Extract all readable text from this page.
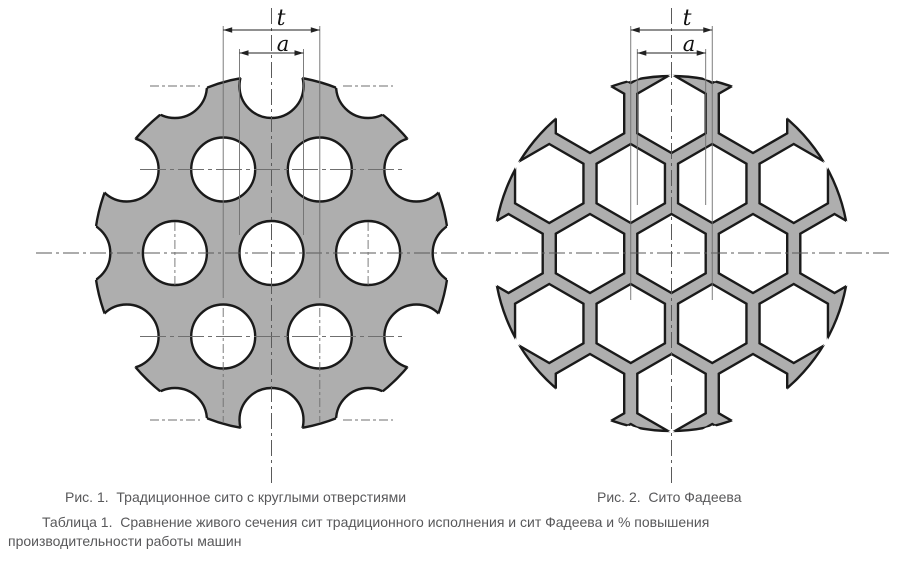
t
a
t
a
Рис. 1.  Традиционное сито с круглыми отверстиями	Рис. 2.  Сито Фадеева
Таблица 1.  Сравнение живого сечения сит традиционного исполнения и сит Фадеева и % повышения производительности работы машин
